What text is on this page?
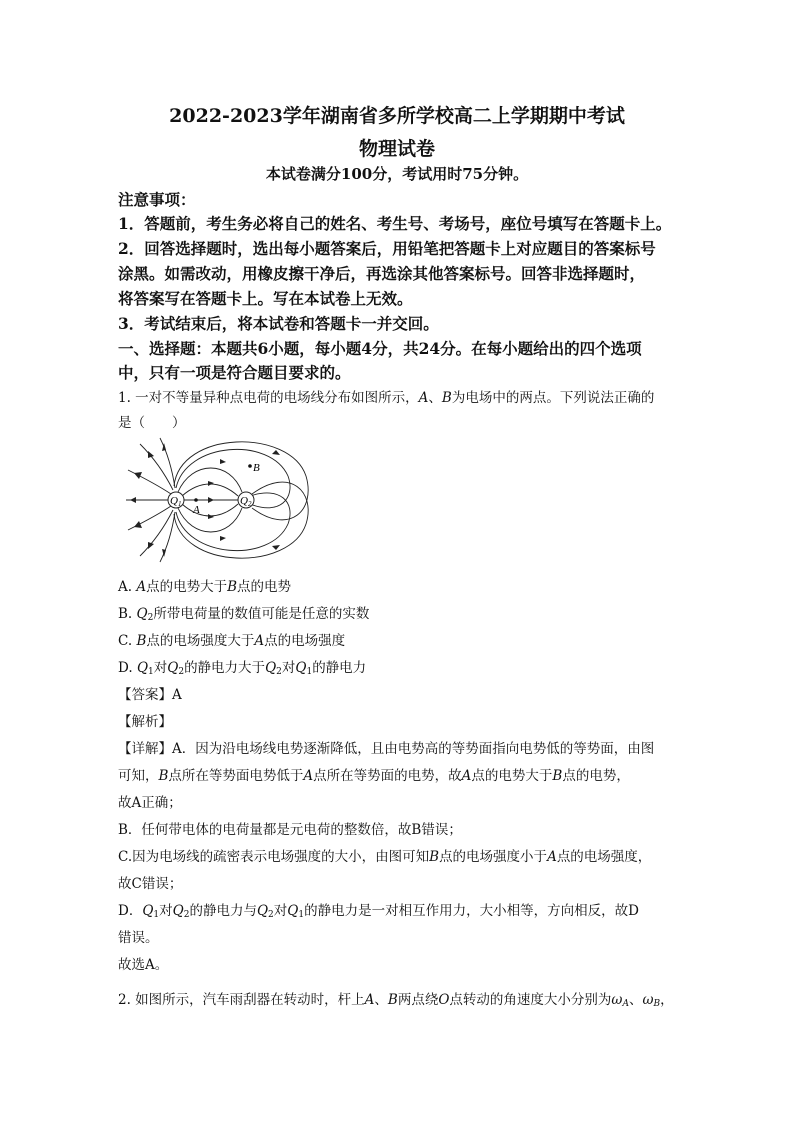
2022-2023学年湖南省多所学校高二上学期期中考试
物理试卷
本试卷满分100分，考试用时75分钟。
注意事项：
1．答题前，考生务必将自己的姓名、考生号、考场号，座位号填写在答题卡上。
2．回答选择题时，选出每小题答案后，用铅笔把答题卡上对应题目的答案标号
涂黑。如需改动，用橡皮擦干净后，再选涂其他答案标号。回答非选择题时，
将答案写在答题卡上。写在本试卷上无效。
3．考试结束后，将本试卷和答题卡一并交回。
一、选择题：本题共6小题，每小题4分，共24分。在每小题给出的四个选项
中，只有一项是符合题目要求的。
1. 一对不等量异种点电荷的电场线分布如图所示，A、B为电场中的两点。下列说法正确的
是（　　）
Q1	Q2
B
A
A. A点的电势大于B点的电势
B. $Q_2$所带电荷量的数值可能是任意的实数
C. B点的电场强度大于A点的电场强度
D. $Q_1$对$Q_2$的静电力大于$Q_2$对$Q_1$的静电力
【答案】A
【解析】
【详解】A．因为沿电场线电势逐渐降低，且由电势高的等势面指向电势低的等势面，由图
可知，B点所在等势面电势低于A点所在等势面的电势，故A点的电势大于B点的电势，
故A正确；
B．任何带电体的电荷量都是元电荷的整数倍，故B错误；
C.因为电场线的疏密表示电场强度的大小，由图可知B点的电场强度小于A点的电场强度，
故C错误；
D．$Q_1$对$Q_2$的静电力与$Q_2$对$Q_1$的静电力是一对相互作用力，大小相等，方向相反，故D
错误。
故选A。
2. 如图所示，汽车雨刮器在转动时，杆上A、B两点绕O点转动的角速度大小分别为$\omega_A$、$\omega_B$，
